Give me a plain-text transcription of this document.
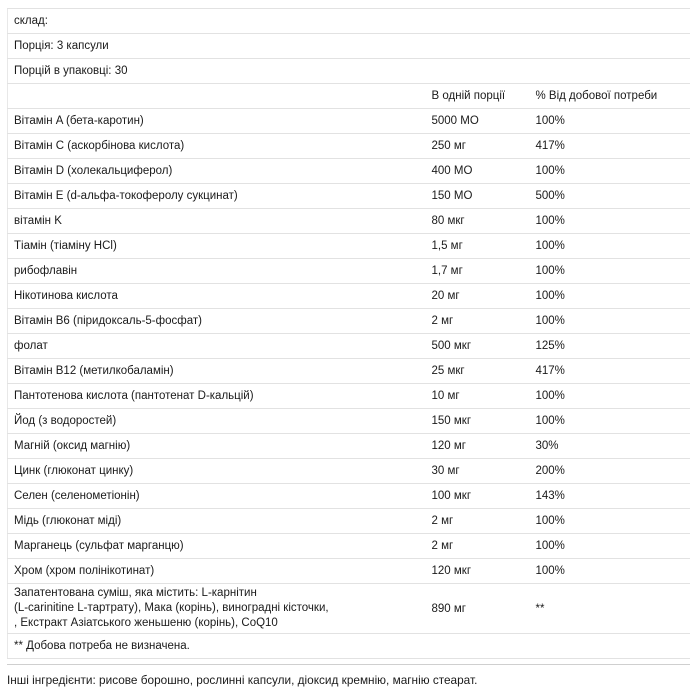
склад:		
Порція: 3 капсули		
Порцій в упаковці: 30		
	В одній порції	% Від добової потреби
Вітамін A (бета-каротин)	5000 МО	100%
Вітамін C (аскорбінова кислота)	250 мг	417%
Вітамін D (холекальциферол)	400 МО	100%
Вітамін E (d-альфа-токоферолу сукцинат)	150 МО	500%
вітамін K	80 мкг	100%
Тіамін (тіаміну HCl)	1,5 мг	100%
рибофлавін	1,7 мг	100%
Нікотинова кислота	20 мг	100%
Вітамін B6 (піридоксаль-5-фосфат)	2 мг	100%
фолат	500 мкг	125%
Вітамін B12 (метилкобаламін)	25 мкг	417%
Пантотенова кислота (пантотенат D-кальцій)	10 мг	100%
Йод (з водоростей)	150 мкг	100%
Магній (оксид магнію)	120 мг	30%
Цинк (глюконат цинку)	30 мг	200%
Селен (селенометіонін)	100 мкг	143%
Мідь (глюконат міді)	2 мг	100%
Марганець (сульфат марганцю)	2 мг	100%
Хром (хром полінікотинат)	120 мкг	100%
Запатентована суміш, яка містить: L-карнітин
(L-carinitine L-тартрату), Мака (корінь), виноградні кісточки,
, Екстракт Азіатського женьшеню (корінь), CoQ10	890 мг	**
** Добова потреба не визначена.		
Інші інгредієнти: рисове борошно, рослинні капсули, діоксид кремнію, магнію стеарат.
